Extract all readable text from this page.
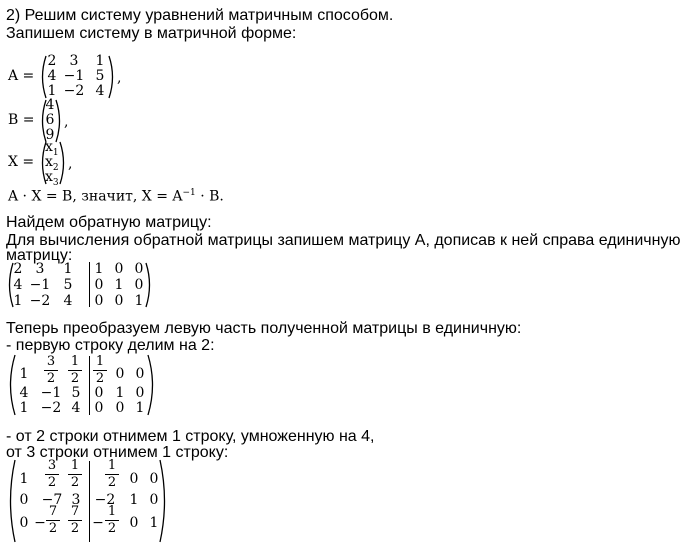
2) Решим систему уравнений матричным способом.
Запишем систему в матричной форме:
A =
2 3	1
4 −1 5
1 −2 4
,
B =
4
6
9
,
X =
$x_1$
$x_2$
$x_3$
,
A · X = B, значит, $X = A^{-1} \cdot B$.
Найдем обратную матрицу:
Для вычисления обратной матрицы запишем матрицу А, дописав к ней справа единичную
матрицу:
2 3	1
4 −1 5
1 −2 4
1 0 0
0 1 0
0 0 1
Теперь преобразуем левую часть полученной матрицы в единичную:
- первую строку делим на 2:
1
3
2
1
2
1
2 0 0
4 −1 5 0 1 0
1 −2 4 0 0 1
- от 2 строки отнимем 1 строку, умноженную на 4,
от 3 строки отнимем 1 строку:
1
3
2
1
2
1
2 0 0
0 −7 3 −2 1 0
0 −
7
2
7
2 −
1
2 0 1
